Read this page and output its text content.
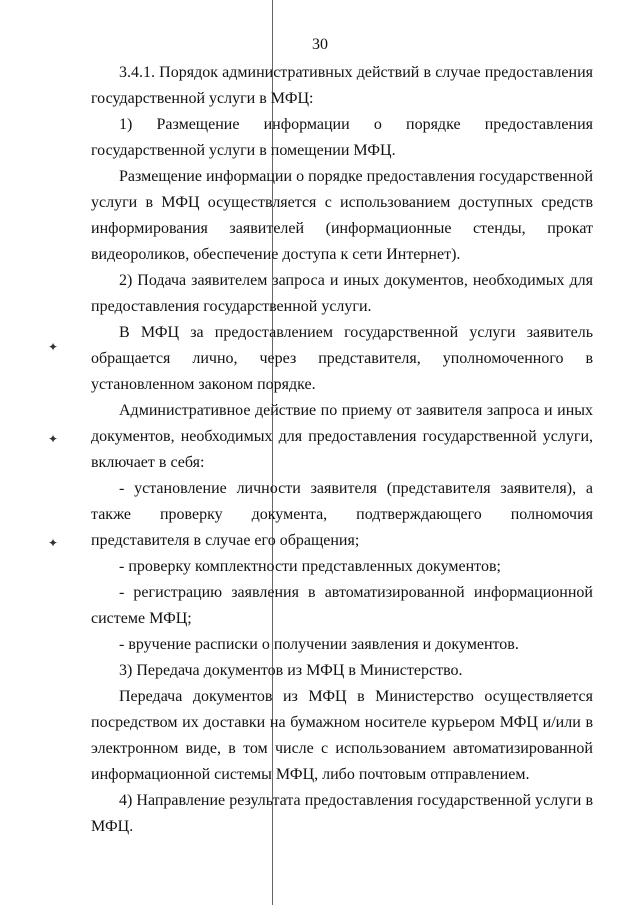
30
✦
✦
✦

3.4.1. Порядок административных действий в случае предоставления государственной услуги в МФЦ:

1) Размещение информации о порядке предоставления государственной услуги в помещении МФЦ.

Размещение информации о порядке предоставления государственной услуги в МФЦ осуществляется с использованием доступных средств информирования заявителей (информационные стенды, прокат видеороликов, обеспечение доступа к сети Интернет).

2) Подача заявителем запроса и иных документов, необходимых для предоставления государственной услуги.

В МФЦ за предоставлением государственной услуги заявитель обращается лично, через представителя, уполномоченного в установленном законом порядке.

Административное действие по приему от заявителя запроса и иных документов, необходимых для предоставления государственной услуги, включает в себя:

- установление личности заявителя (представителя заявителя), а также проверку документа, подтверждающего полномочия представителя в случае его обращения;

- проверку комплектности представленных документов;

- регистрацию заявления в автоматизированной информационной системе МФЦ;

- вручение расписки о получении заявления и документов.

3) Передача документов из МФЦ в Министерство.

Передача документов из МФЦ в Министерство осуществляется посредством их доставки на бумажном носителе курьером МФЦ и/или в электронном виде, в том числе с использованием автоматизированной информационной системы МФЦ, либо почтовым отправлением.

4) Направление результата предоставления государственной услуги в МФЦ.
